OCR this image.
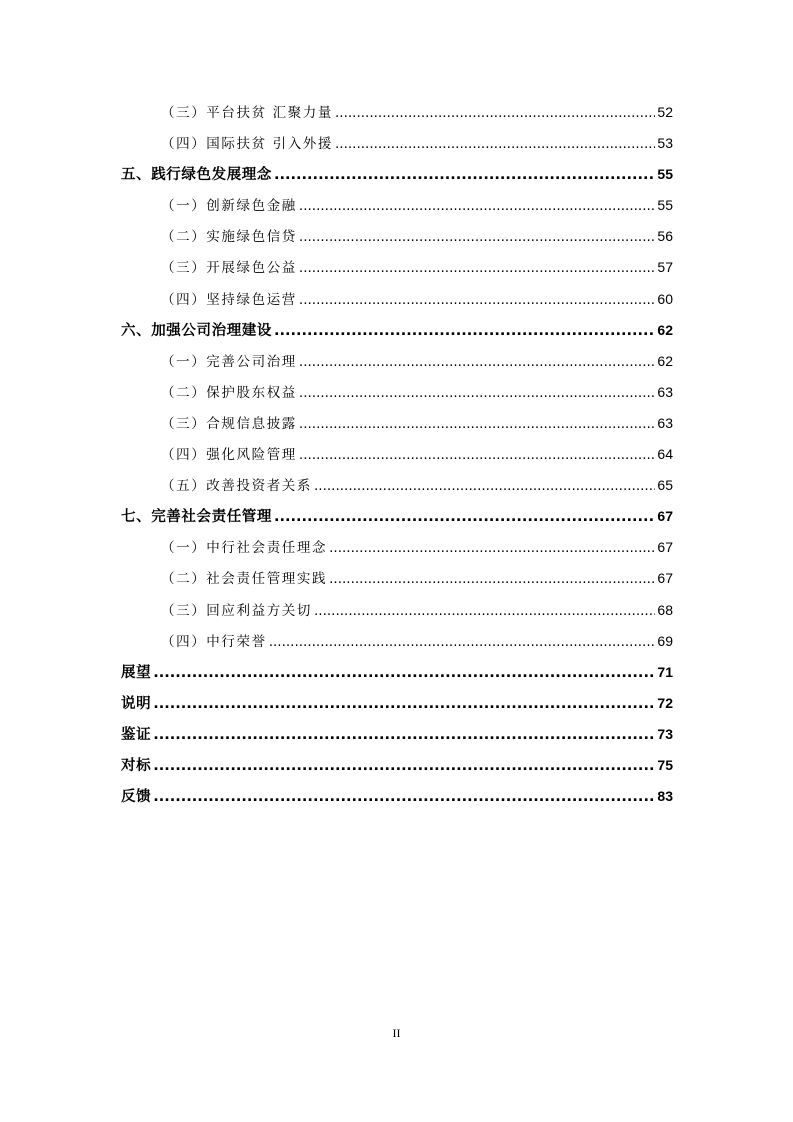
（三）平台扶贫 汇聚力量 .....	52
（四）国际扶贫 引入外援 .....	53
五、践行绿色发展理念 .....	55
（一）创新绿色金融 .....	55
（二）实施绿色信贷 .....	56
（三）开展绿色公益 .....	57
（四）坚持绿色运营 .....	60
六、加强公司治理建设 .....	62
（一）完善公司治理 .....	62
（二）保护股东权益 .....	63
（三）合规信息披露 .....	63
（四）强化风险管理 .....	64
（五）改善投资者关系 .....	65
七、完善社会责任管理 .....	67
（一）中行社会责任理念 .....	67
（二）社会责任管理实践 .....	67
（三）回应利益方关切 .....	68
（四）中行荣誉 .....	69
展望 .....	71
说明 .....	72
鉴证 .....	73
对标 .....	75
反馈 .....	83
II
